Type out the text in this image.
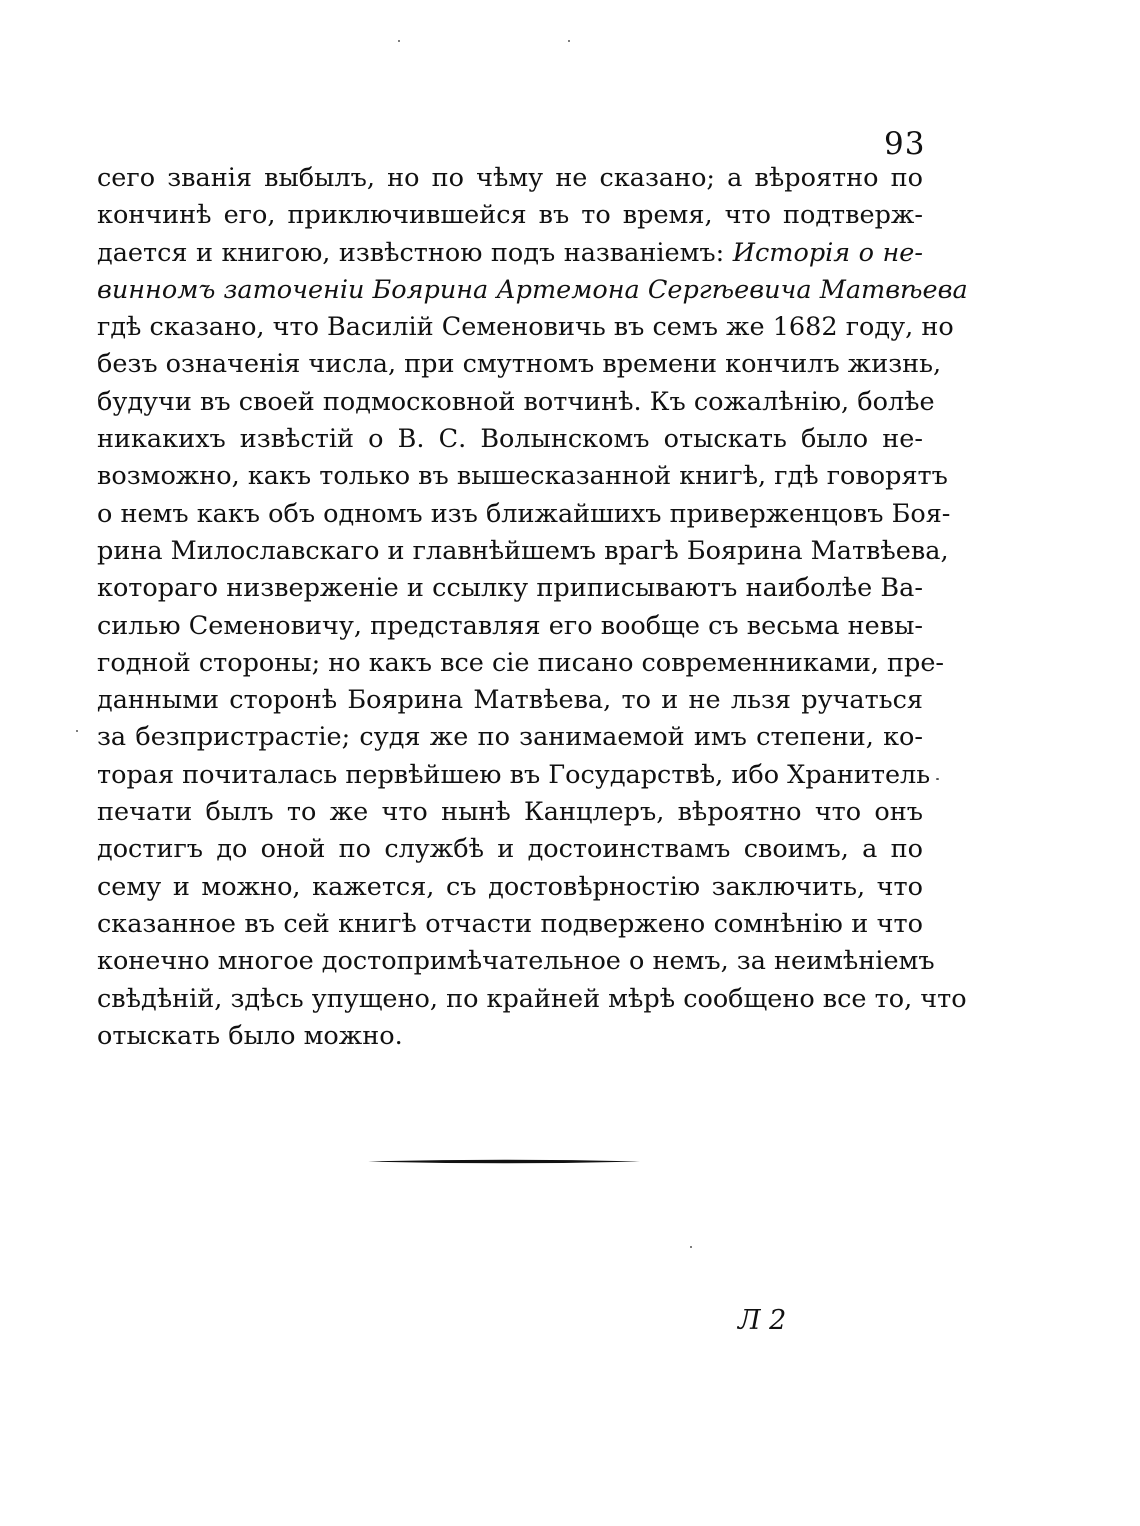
93
сего званія выбылъ, но по чѣму не сказано; а вѣроятно по
кончинѣ его, приключившейся въ то время, что подтверж-
дается и книгою, извѣстною подъ названіемъ: Исторія о не-
винномъ заточеніи Боярина Артемона Сергѣевича Матвѣева
гдѣ сказано, что Василій Семеновичь въ семъ же 1682 году, но
безъ означенія числа, при смутномъ времени кончилъ жизнь,
будучи въ своей подмосковной вотчинѣ. Къ сожалѣнію, болѣе
никакихъ извѣстій о В. С. Волынскомъ отыскать было не-
возможно, какъ только въ вышесказанной книгѣ, гдѣ говорятъ
о немъ какъ объ одномъ изъ ближайшихъ приверженцовъ Боя-
рина Милославскаго и главнѣйшемъ врагѣ Боярина Матвѣева,
котораго низверженіе и ссылку приписываютъ наиболѣе Ва-
силью Семеновичу, представляя его вообще съ весьма невы-
годной стороны; но какъ все сіе писано современниками, пре-
данными сторонѣ Боярина Матвѣева, то и не льзя ручаться
за безпристрастіе; судя же по занимаемой имъ степени, ко-
торая почиталась первѣйшею въ Государствѣ, ибо Хранитель
печати былъ то же что нынѣ Канцлеръ, вѣроятно что онъ
достигъ до оной по службѣ и достоинствамъ своимъ, а по
сему и можно, кажется, съ достовѣрностію заключить, что
сказанное въ сей книгѣ отчасти подвержено сомнѣнію и что
конечно многое достопримѣчательное о немъ, за неимѣніемъ
свѣдѣній, здѣсь упущено, по крайней мѣрѣ сообщено все то, что
отыскать было можно.
Л 2
